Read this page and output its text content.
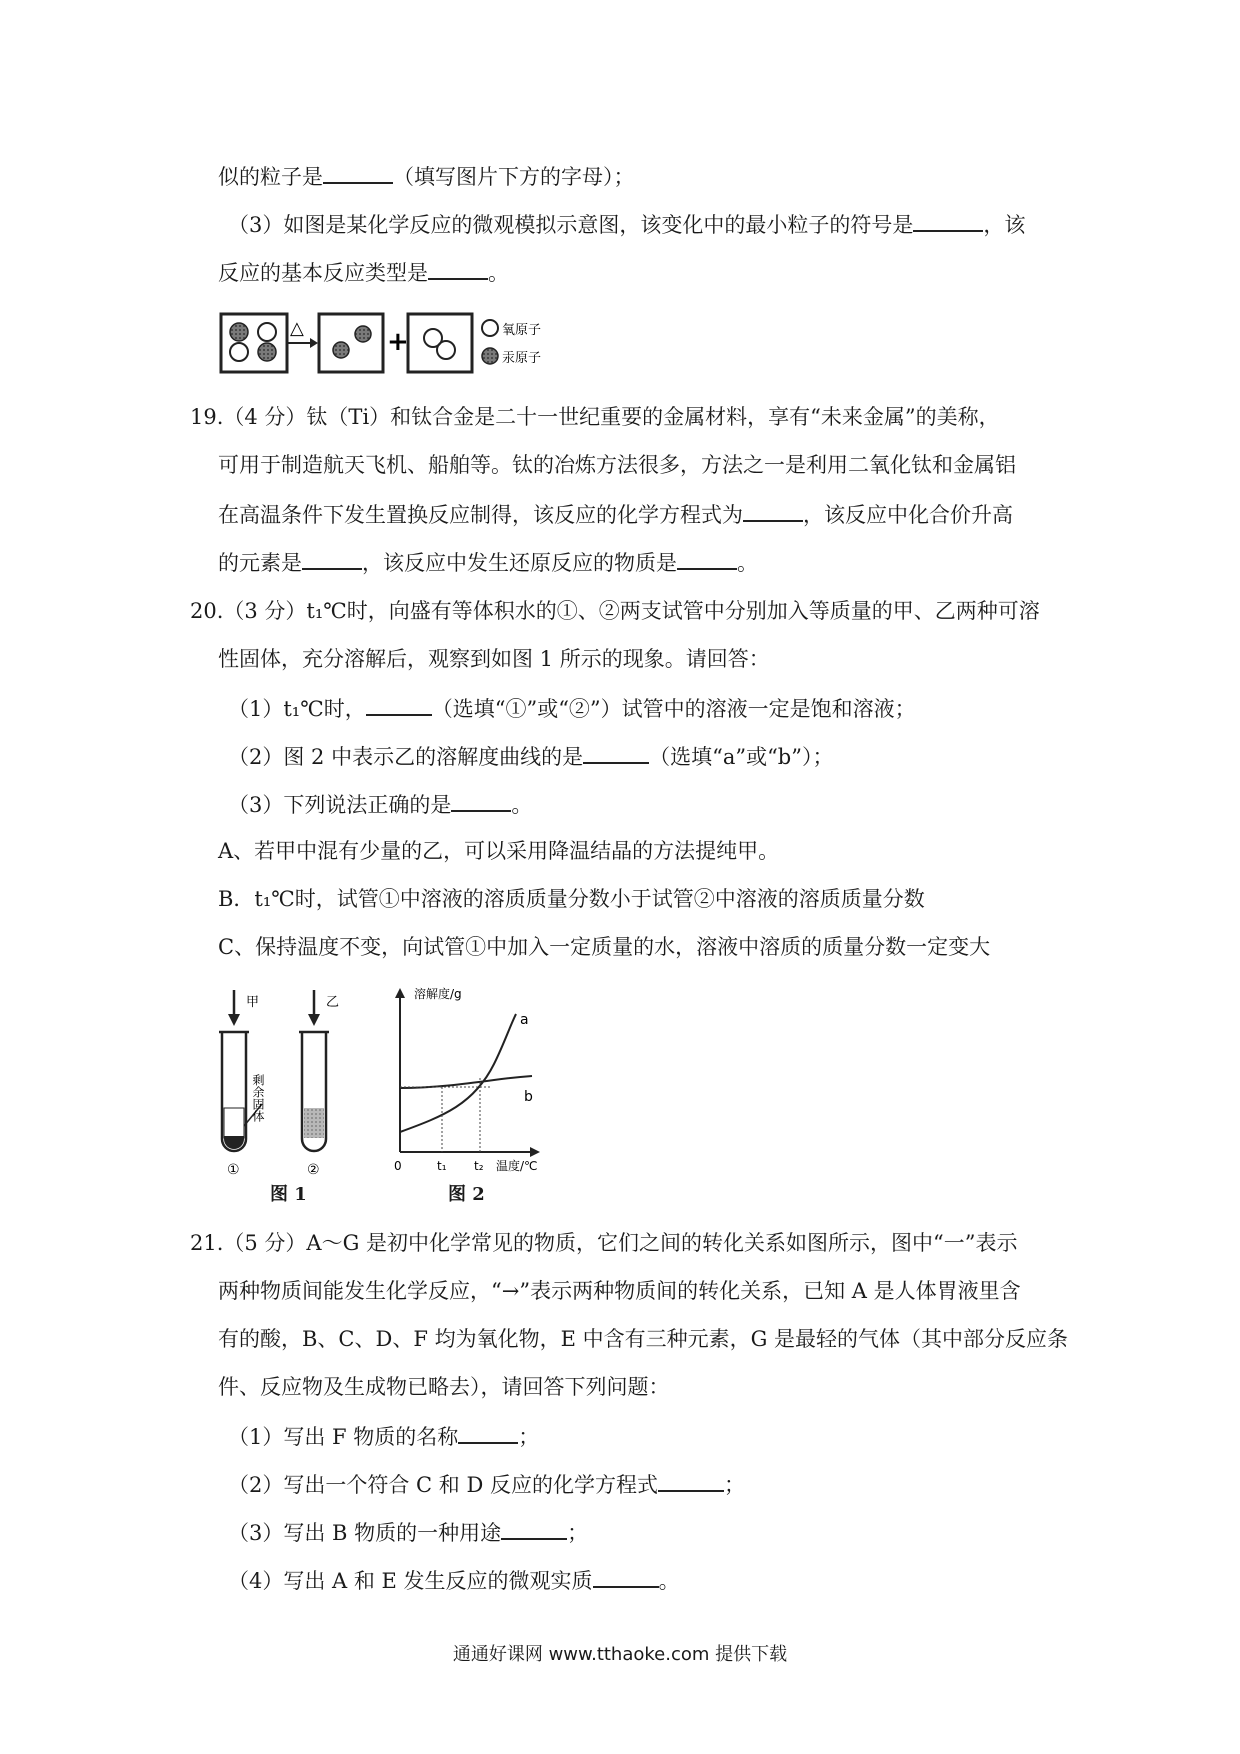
似的粒子是	（填写图片下方的字母）；
（3）如图是某化学反应的微观模拟示意图，该变化中的最小粒子的符号是	，该
反应的基本反应类型是	。
△	+	氧原子
汞原子
19.（4 分）钛（Ti）和钛合金是二十一世纪重要的金属材料，享有“未来金属”的美称，
可用于制造航天飞机、船舶等。钛的冶炼方法很多，方法之一是利用二氧化钛和金属铝
在高温条件下发生置换反应制得，该反应的化学方程式为	，该反应中化合价升高
的元素是	，该反应中发生还原反应的物质是	。
20.（3 分）t₁℃时，向盛有等体积水的①、②两支试管中分别加入等质量的甲、乙两种可溶
性固体，充分溶解后，观察到如图 1 所示的现象。请回答：
（1）t₁℃时，	（选填“①”或“②”）试管中的溶液一定是饱和溶液；
（2）图 2 中表示乙的溶解度曲线的是	（选填“a”或“b”）；
（3）下列说法正确的是	。
A、若甲中混有少量的乙，可以采用降温结晶的方法提纯甲。
B．t₁℃时，试管①中溶液的溶质质量分数小于试管②中溶液的溶质质量分数
C、保持温度不变，向试管①中加入一定质量的水，溶液中溶质的质量分数一定变大
甲
剩余固体
①
乙
②
图 1
溶解度/g
a
b
0	t₁ t₂ 温度/℃
图 2
21.（5 分）A～G 是初中化学常见的物质，它们之间的转化关系如图所示，图中“一”表示
两种物质间能发生化学反应，“→”表示两种物质间的转化关系，已知 A 是人体胃液里含
有的酸，B、C、D、F 均为氧化物，E 中含有三种元素，G 是最轻的气体（其中部分反应条
件、反应物及生成物已略去），请回答下列问题：
（1）写出 F 物质的名称	；
（2）写出一个符合 C 和 D 反应的化学方程式	；
（3）写出 B 物质的一种用途	；
（4）写出 A 和 E 发生反应的微观实质	。
通通好课网 www.tthaoke.com 提供下载
